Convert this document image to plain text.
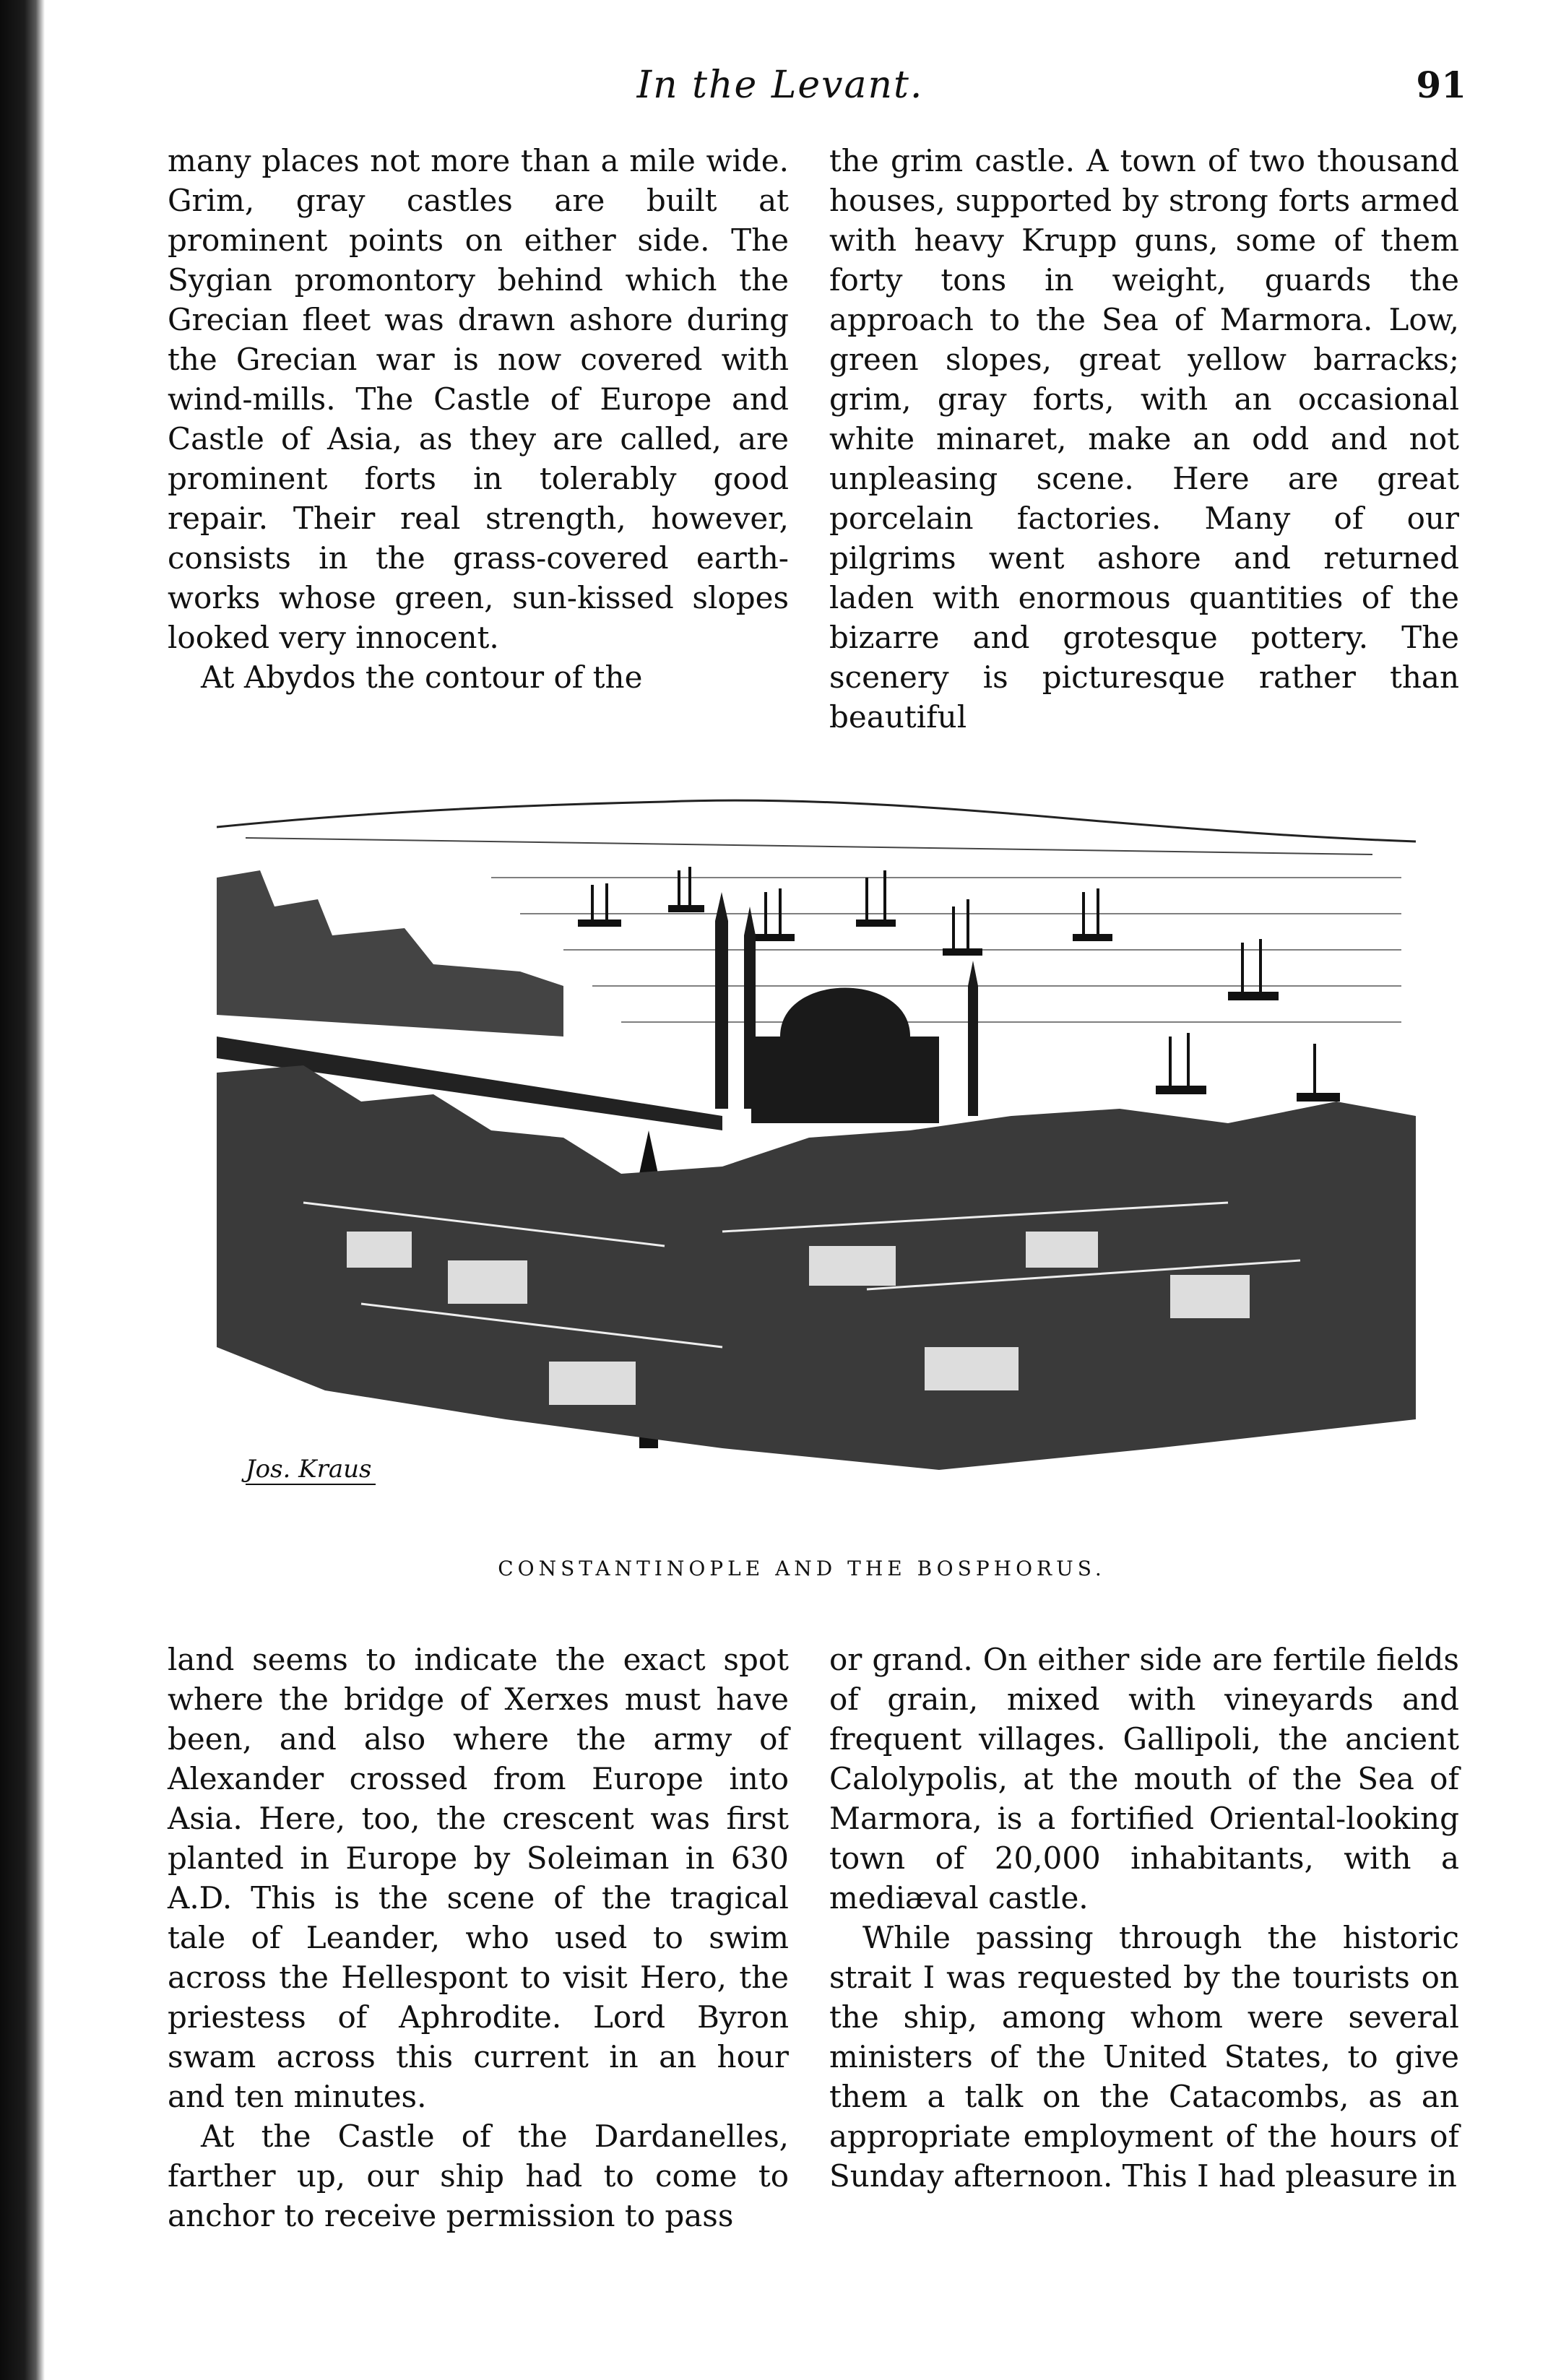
In the Levant.	91

many places not more than a mile wide. Grim, gray castles are built at prominent points on either side. The Sygian promontory behind which the Grecian fleet was drawn ashore during the Grecian war is now covered with wind-mills. The Castle of Europe and Castle of Asia, as they are called, are prominent forts in tolerably good repair. Their real strength, however, consists in the grass-covered earth-works whose green, sun-kissed slopes looked very innocent.

At Abydos the contour of the

the grim castle. A town of two thousand houses, supported by strong forts armed with heavy Krupp guns, some of them forty tons in weight, guards the approach to the Sea of Marmora. Low, green slopes, great yellow barracks; grim, gray forts, with an occasional white minaret, make an odd and not unpleasing scene. Here are great porcelain factories. Many of our pilgrims went ashore and returned laden with enormous quantities of the bizarre and grotesque pottery. The scenery is picturesque rather than beautiful

Jos. Kraus
CONSTANTINOPLE AND THE BOSPHORUS.

land seems to indicate the exact spot where the bridge of Xerxes must have been, and also where the army of Alexander crossed from Europe into Asia. Here, too, the crescent was first planted in Europe by Soleiman in 630 A.D. This is the scene of the tragical tale of Leander, who used to swim across the Hellespont to visit Hero, the priestess of Aphrodite. Lord Byron swam across this current in an hour and ten minutes.

At the Castle of the Dardanelles, farther up, our ship had to come to anchor to receive permission to pass

or grand. On either side are fertile fields of grain, mixed with vineyards and frequent villages. Gallipoli, the ancient Calolypolis, at the mouth of the Sea of Marmora, is a fortified Oriental-looking town of 20,000 inhabitants, with a mediæval castle.

While passing through the historic strait I was requested by the tourists on the ship, among whom were several ministers of the United States, to give them a talk on the Catacombs, as an appropriate employment of the hours of Sunday afternoon. This I had pleasure in
